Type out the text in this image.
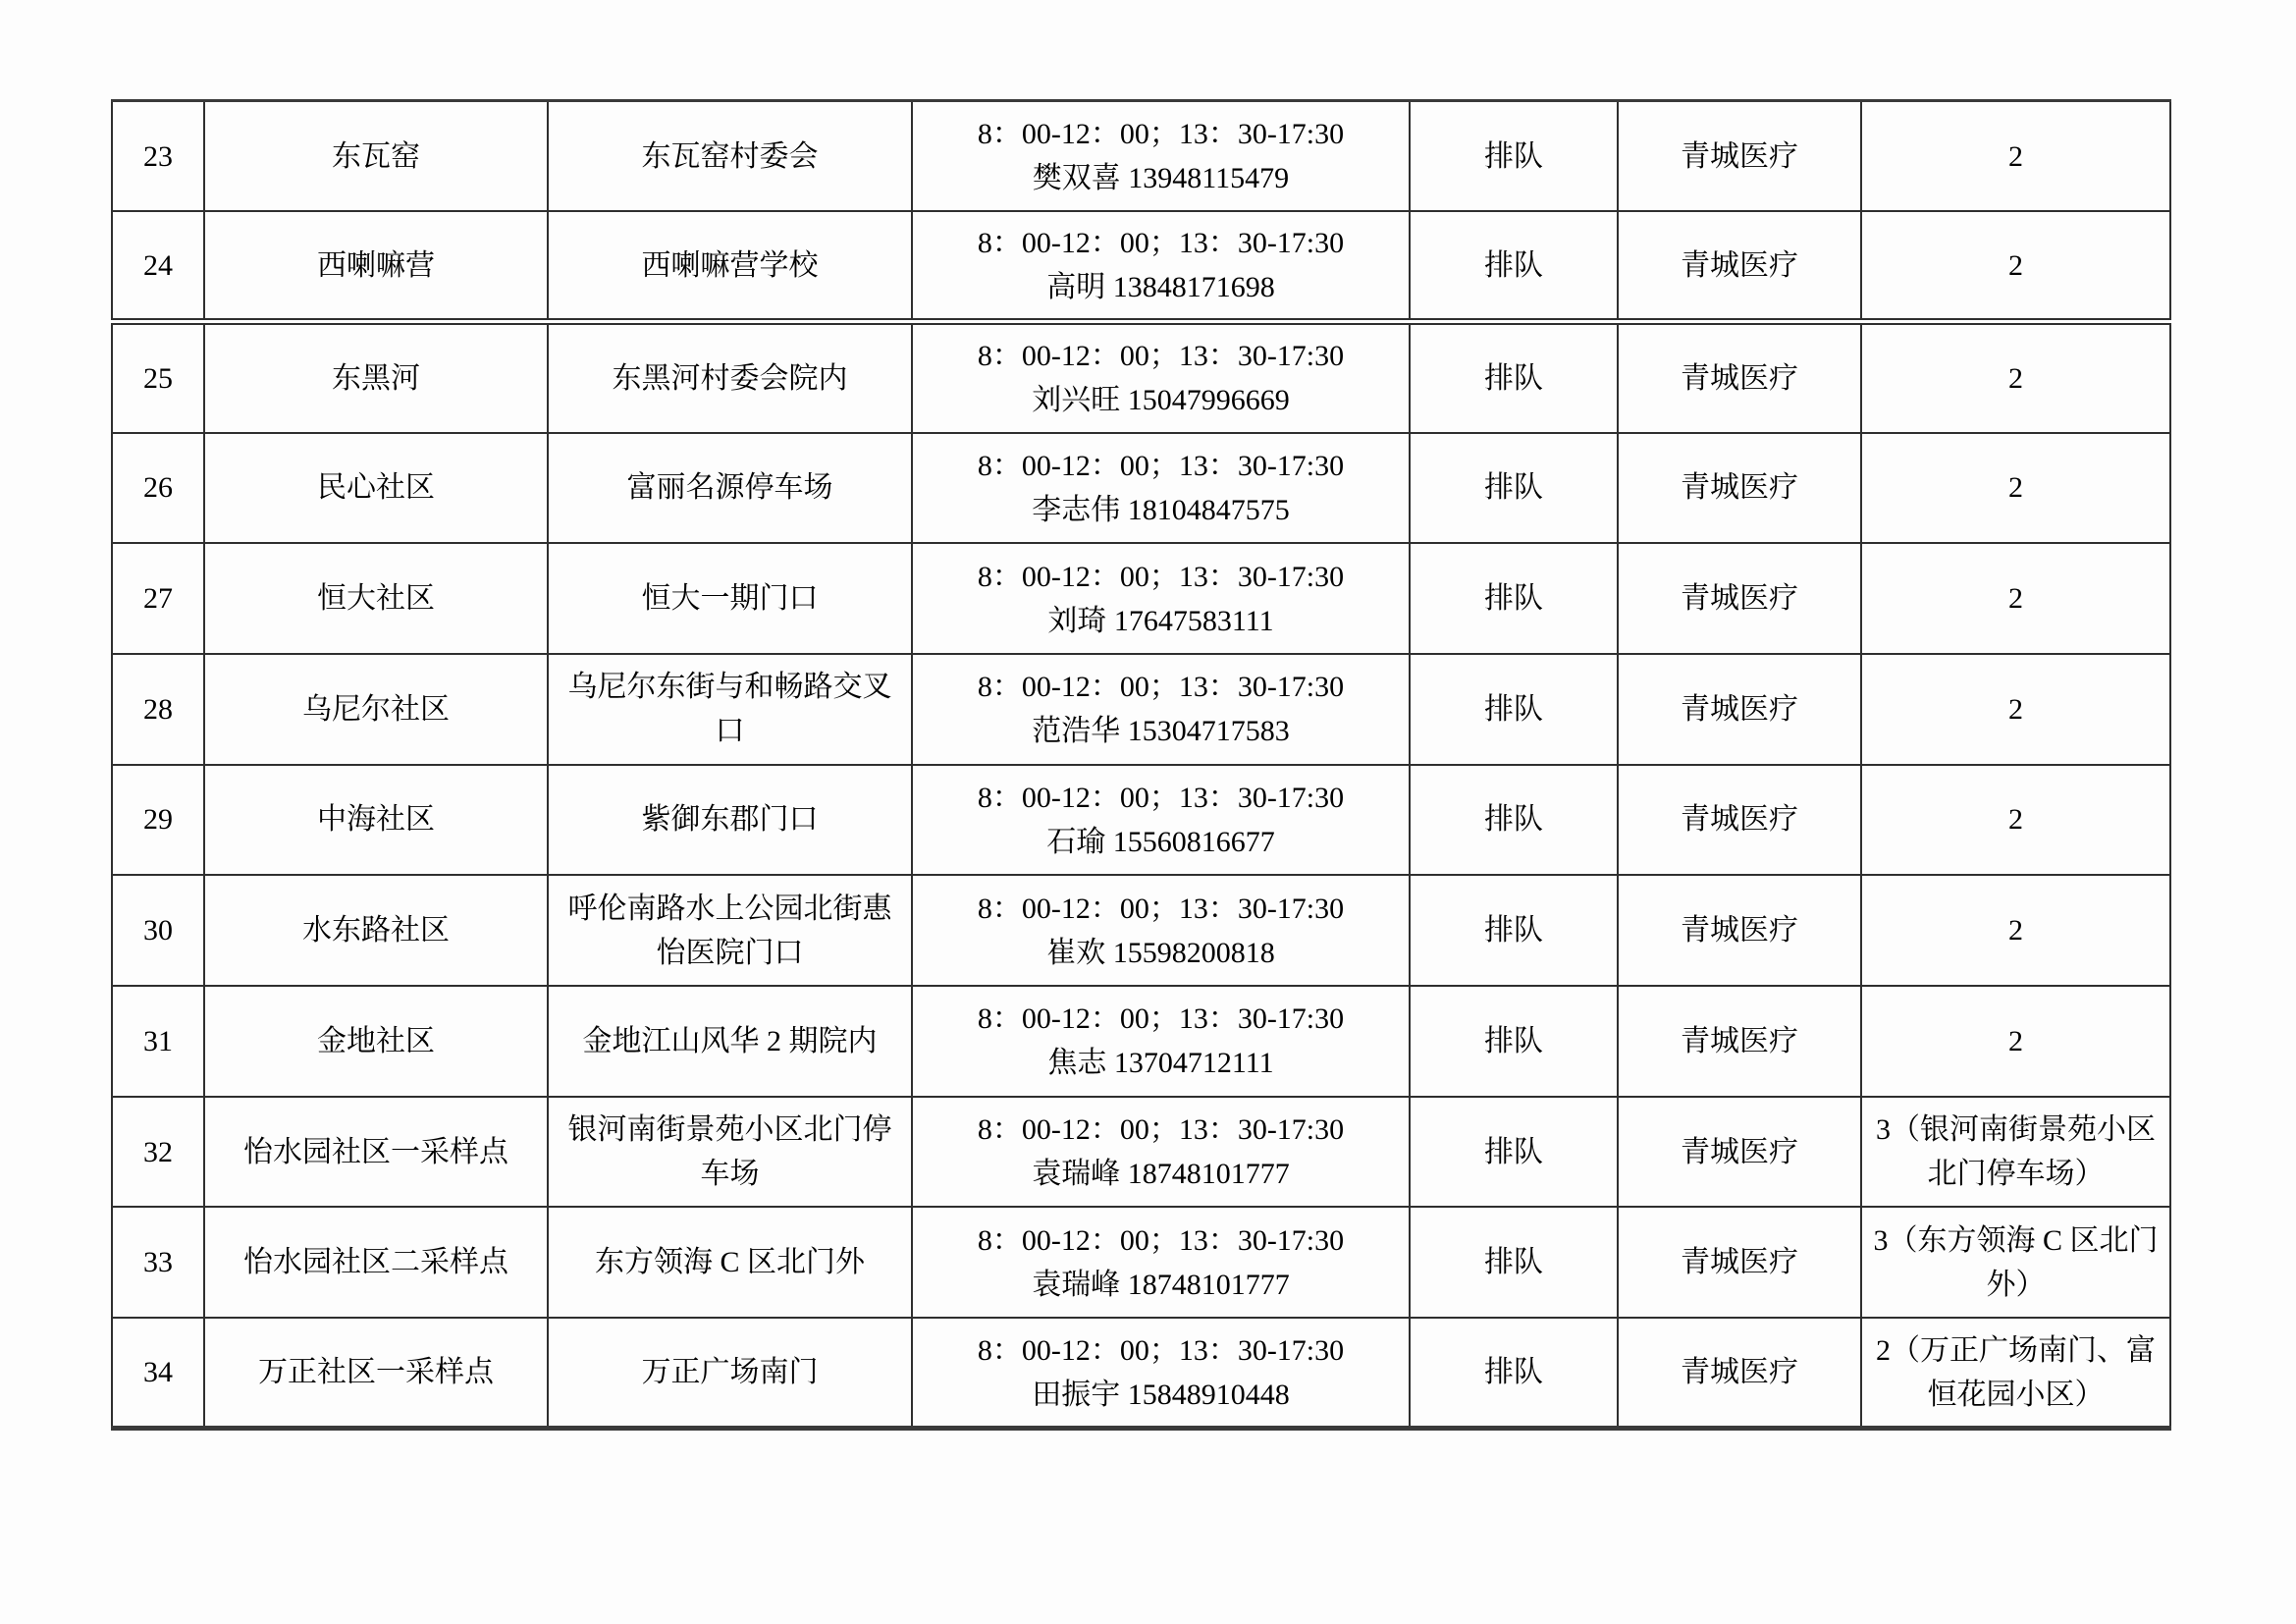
23	东瓦窑	东瓦窑村委会	8：00-12：00；13：30-17:30
樊双喜 13948115479	排队	青城医疗	2
24	西喇嘛营	西喇嘛营学校	8：00-12：00；13：30-17:30
高明 13848171698	排队	青城医疗	2
25	东黑河	东黑河村委会院内	8：00-12：00；13：30-17:30
刘兴旺 15047996669	排队	青城医疗	2
26	民心社区	富丽名源停车场	8：00-12：00；13：30-17:30
李志伟 18104847575	排队	青城医疗	2
27	恒大社区	恒大一期门口	8：00-12：00；13：30-17:30
刘琦 17647583111	排队	青城医疗	2
28	乌尼尔社区	乌尼尔东街与和畅路交叉口	8：00-12：00；13：30-17:30
范浩华 15304717583	排队	青城医疗	2
29	中海社区	紫御东郡门口	8：00-12：00；13：30-17:30
石瑜 15560816677	排队	青城医疗	2
30	水东路社区	呼伦南路水上公园北街惠怡医院门口	8：00-12：00；13：30-17:30
崔欢 15598200818	排队	青城医疗	2
31	金地社区	金地江山风华 2 期院内	8：00-12：00；13：30-17:30
焦志 13704712111	排队	青城医疗	2
32	怡水园社区一采样点	银河南街景苑小区北门停车场	8：00-12：00；13：30-17:30
袁瑞峰 18748101777	排队	青城医疗	3（银河南街景苑小区北门停车场）
33	怡水园社区二采样点	东方领海 C 区北门外	8：00-12：00；13：30-17:30
袁瑞峰 18748101777	排队	青城医疗	3（东方领海 C 区北门外）
34	万正社区一采样点	万正广场南门	8：00-12：00；13：30-17:30
田振宇 15848910448	排队	青城医疗	2（万正广场南门、富恒花园小区）
